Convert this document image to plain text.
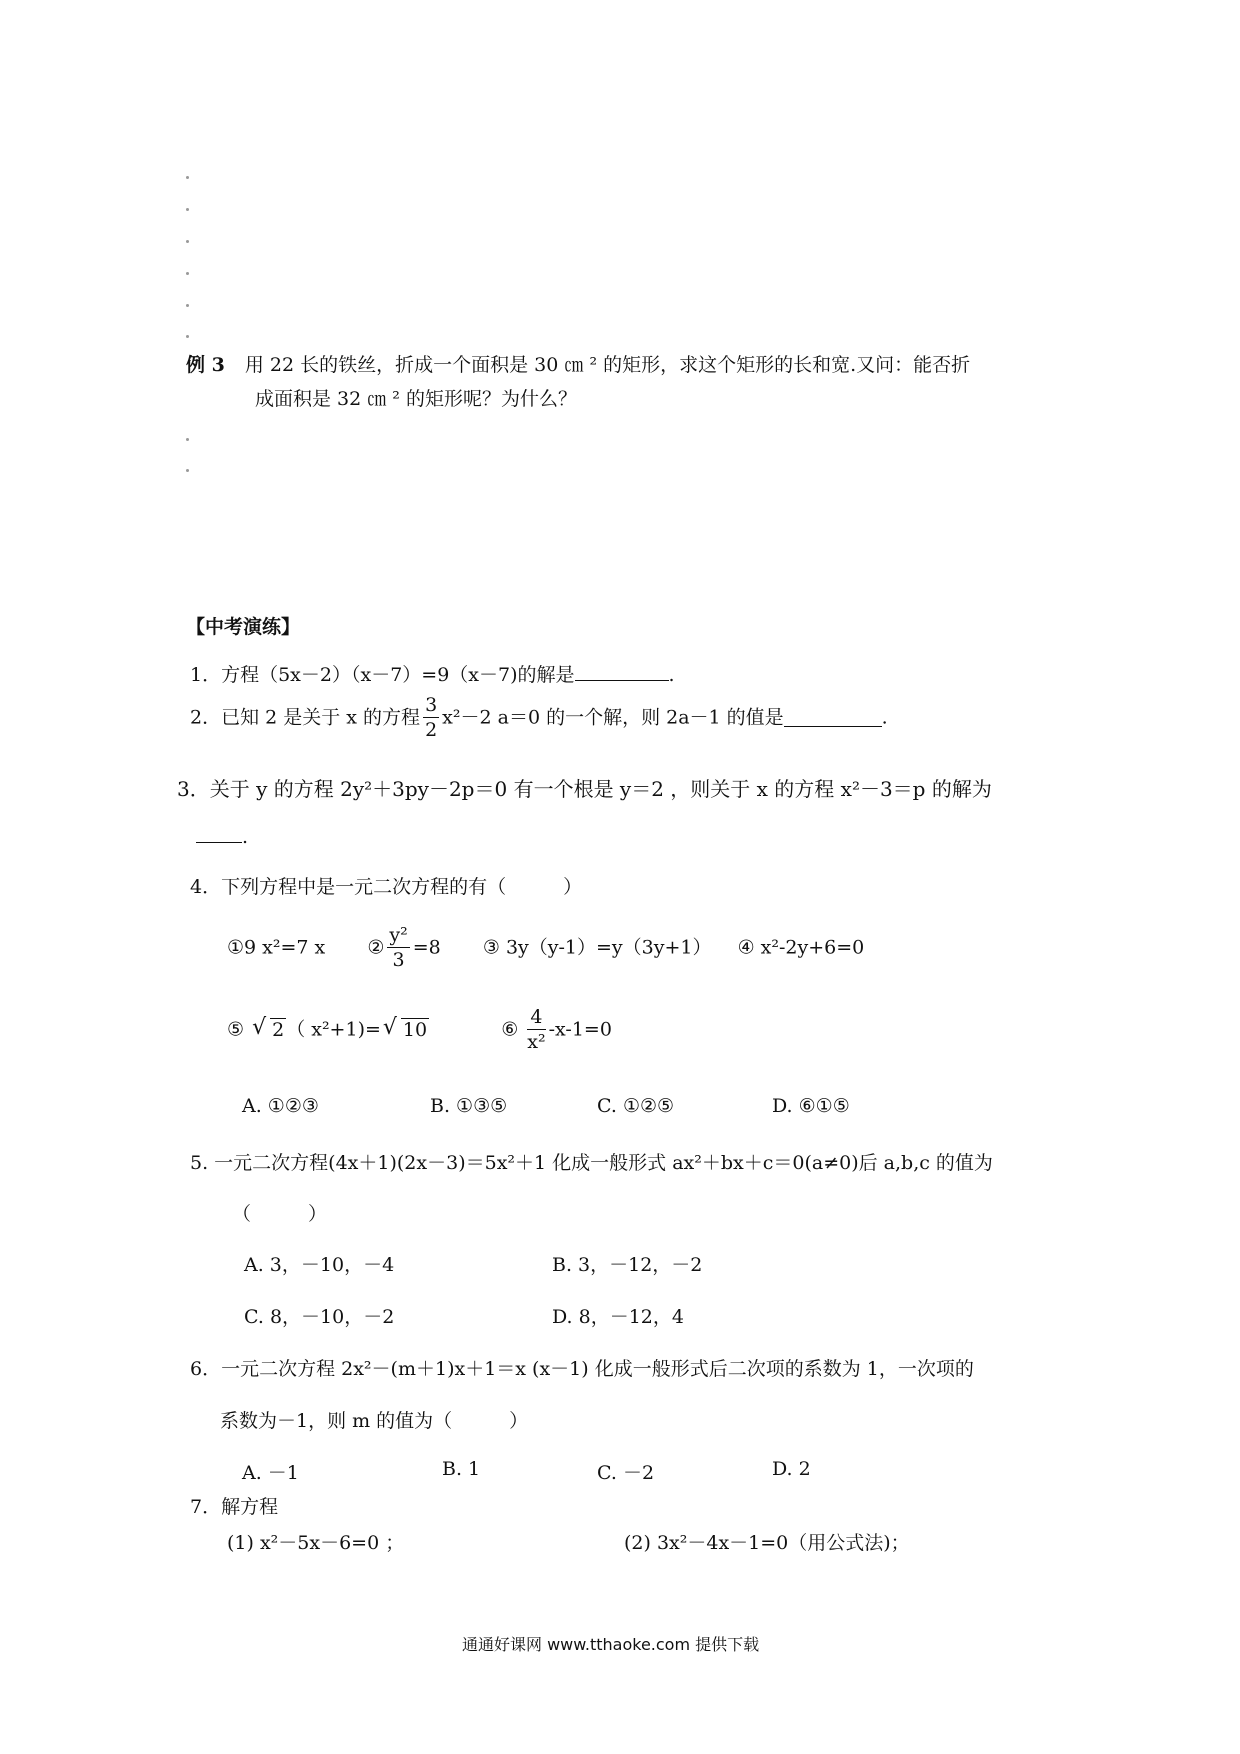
例 3 用 22 长的铁丝，折成一个面积是 30 ㎝ ² 的矩形，求这个矩形的长和宽.又问：能否折
成面积是 32 ㎝ ² 的矩形呢？为什么？
【中考演练】
1．方程（5x－2）（x－7）=9（x－7)的解是	.
2．已知 2 是关于 x 的方程 $\frac{3}{2} x^2-2$ a＝0 的一个解，则 2a－1 的值是	.
3．关于 y 的方程 2y²＋3py－2p＝0 有一个根是 y＝2 ，则关于 x 的方程 x²－3＝p 的解为
.
4．下列方程中是一元二次方程的有（　　　）
①9 x²=7 x ② $\frac{\text{y²}}{3} =8$ ③ 3y（y-1）=y（3y+1） ④ x²-2y+6=0
⑤ √ 2 （ x²+1)= √ 10	⑥ $\frac{4}{\text{x²}} -x-1=0$
A. ①②③	B. ①③⑤	C. ①②⑤	D. ⑥①⑤
5. 一元二次方程(4x＋1)(2x－3)＝5x²＋1 化成一般形式 ax²＋bx＋c＝0(a≠0)后 a,b,c 的值为
（　　　）
A. 3，－10，－4	B. 3，－12，－2
C. 8，－10，－2	D. 8，－12，4
6．一元二次方程 2x²－(m＋1)x＋1＝x (x－1) 化成一般形式后二次项的系数为 1，一次项的
系数为－1，则 m 的值为（　　　）
A. －1	B. 1	C. －2	D. 2
7．解方程
(1) x²－5x－6=0 ；	(2) 3x²－4x－1=0（用公式法)；
通通好课网 www.tthaoke.com 提供下载
